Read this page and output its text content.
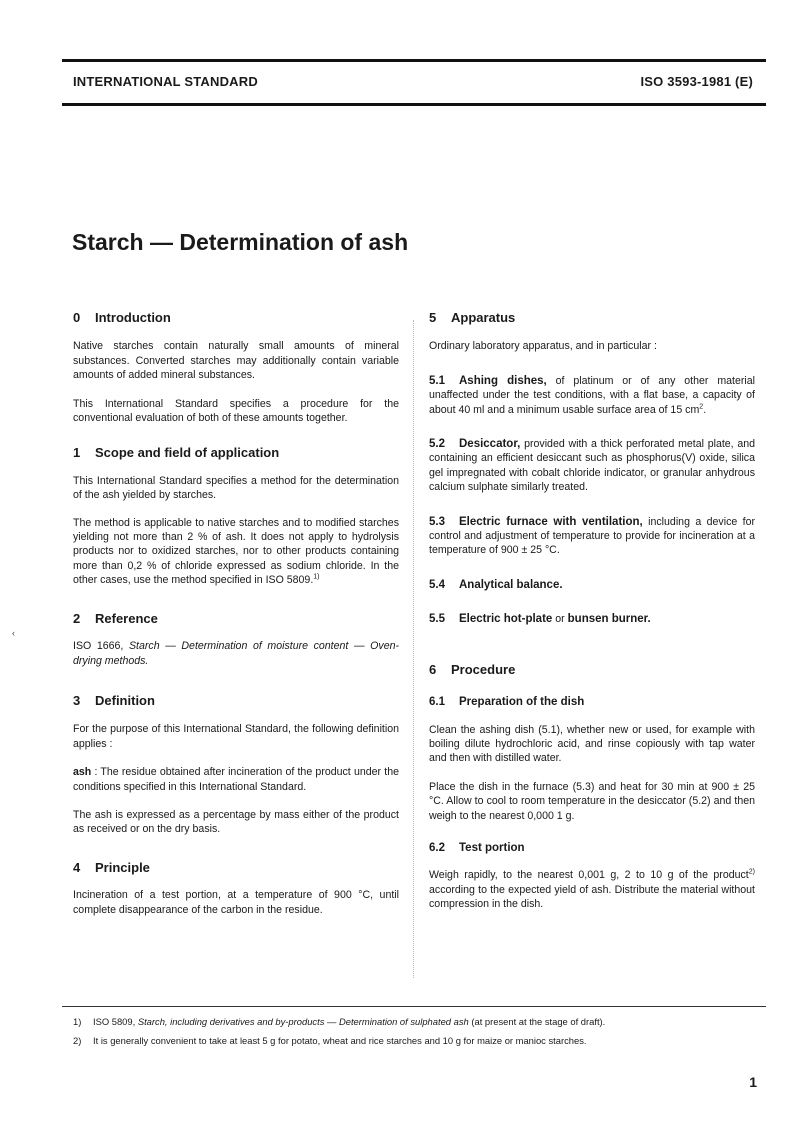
INTERNATIONAL STANDARD	ISO 3593-1981 (E)
Starch — Determination of ash
‹
0 Introduction

Native starches contain naturally small amounts of mineral substances. Converted starches may additionally contain variable amounts of added mineral substances.

This International Standard specifies a procedure for the conventional evaluation of both of these amounts together.

1 Scope and field of application

This International Standard specifies a method for the determination of the ash yielded by starches.

The method is applicable to native starches and to modified starches yielding not more than 2 % of ash. It does not apply to hydrolysis products nor to oxidized starches, nor to other products containing more than 0,2 % of chloride expressed as sodium chloride. In the other cases, use the method specified in ISO 5809.$^{1)}$

2 Reference

ISO 1666, Starch — Determination of moisture content — Oven-drying methods.

3 Definition

For the purpose of this International Standard, the following definition applies :

ash : The residue obtained after incineration of the product under the conditions specified in this International Standard.

The ash is expressed as a percentage by mass either of the product as received or on the dry basis.

4 Principle

Incineration of a test portion, at a temperature of 900 °C, until complete disappearance of the carbon in the residue.

5 Apparatus

Ordinary laboratory apparatus, and in particular :

5.1 Ashing dishes, of platinum or of any other material unaffected under the test conditions, with a flat base, a capacity of about 40 ml and a minimum usable surface area of 15 $cm^2$.

5.2 Desiccator, provided with a thick perforated metal plate, and containing an efficient desiccant such as phosphorus(V) oxide, silica gel impregnated with cobalt chloride indicator, or granular anhydrous calcium sulphate similarly treated.

5.3 Electric furnace with ventilation, including a device for control and adjustment of temperature to provide for incineration at a temperature of 900 ± 25 °C.

5.4 Analytical balance.

5.5 Electric hot-plate or bunsen burner.

6 Procedure

6.1 Preparation of the dish

Clean the ashing dish (5.1), whether new or used, for example with boiling dilute hydrochloric acid, and rinse copiously with tap water and then with distilled water.

Place the dish in the furnace (5.3) and heat for 30 min at 900 ± 25 °C. Allow to cool to room temperature in the desiccator (5.2) and then weigh to the nearest 0,000 1 g.

6.2 Test portion

Weigh rapidly, to the nearest 0,001 g, 2 to 10 g of the product$^{2)}$ according to the expected yield of ash. Distribute the material without compression in the dish.

1) ISO 5809, Starch, including derivatives and by-products — Determination of sulphated ash (at present at the stage of draft).
2) It is generally convenient to take at least 5 g for potato, wheat and rice starches and 10 g for maize or manioc starches.
1
